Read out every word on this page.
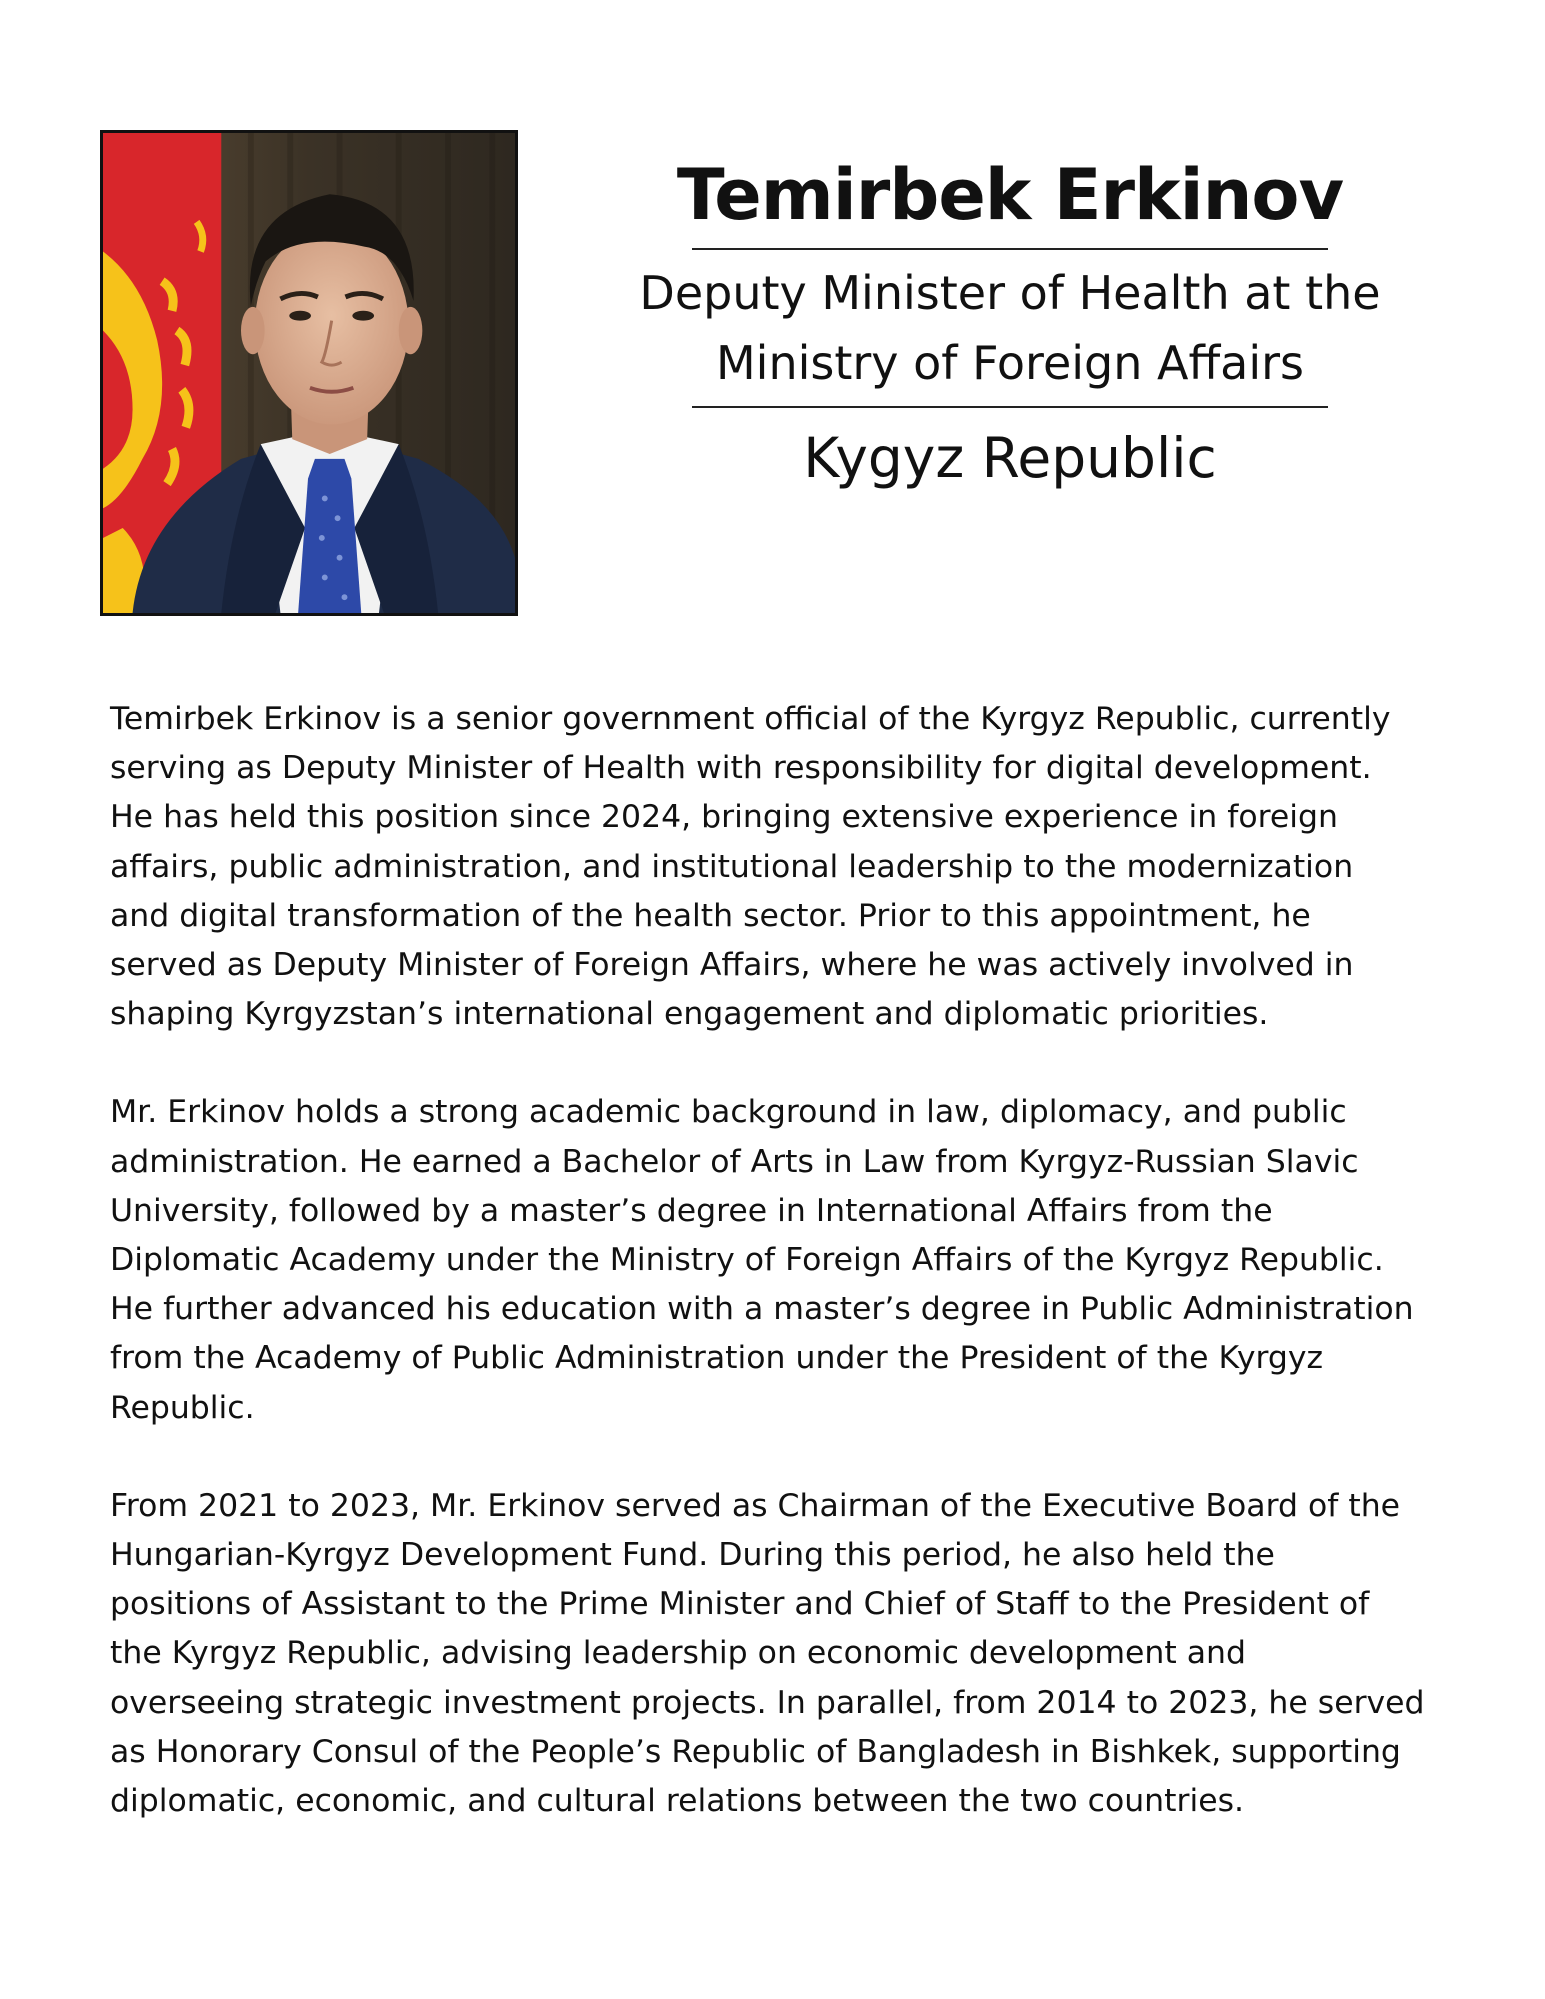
Temirbek Erkinov
Deputy Minister of Health at the
Ministry of Foreign Affairs
Kygyz Republic

Temirbek Erkinov is a senior government official of the Kyrgyz Republic, currently
serving as Deputy Minister of Health with responsibility for digital development.
He has held this position since 2024, bringing extensive experience in foreign
affairs, public administration, and institutional leadership to the modernization
and digital transformation of the health sector. Prior to this appointment, he
served as Deputy Minister of Foreign Affairs, where he was actively involved in
shaping Kyrgyzstan’s international engagement and diplomatic priorities.

Mr. Erkinov holds a strong academic background in law, diplomacy, and public
administration. He earned a Bachelor of Arts in Law from Kyrgyz-Russian Slavic
University, followed by a master’s degree in International Affairs from the
Diplomatic Academy under the Ministry of Foreign Affairs of the Kyrgyz Republic.
He further advanced his education with a master’s degree in Public Administration
from the Academy of Public Administration under the President of the Kyrgyz
Republic.

From 2021 to 2023, Mr. Erkinov served as Chairman of the Executive Board of the
Hungarian-Kyrgyz Development Fund. During this period, he also held the
positions of Assistant to the Prime Minister and Chief of Staff to the President of
the Kyrgyz Republic, advising leadership on economic development and
overseeing strategic investment projects. In parallel, from 2014 to 2023, he served
as Honorary Consul of the People’s Republic of Bangladesh in Bishkek, supporting
diplomatic, economic, and cultural relations between the two countries.
